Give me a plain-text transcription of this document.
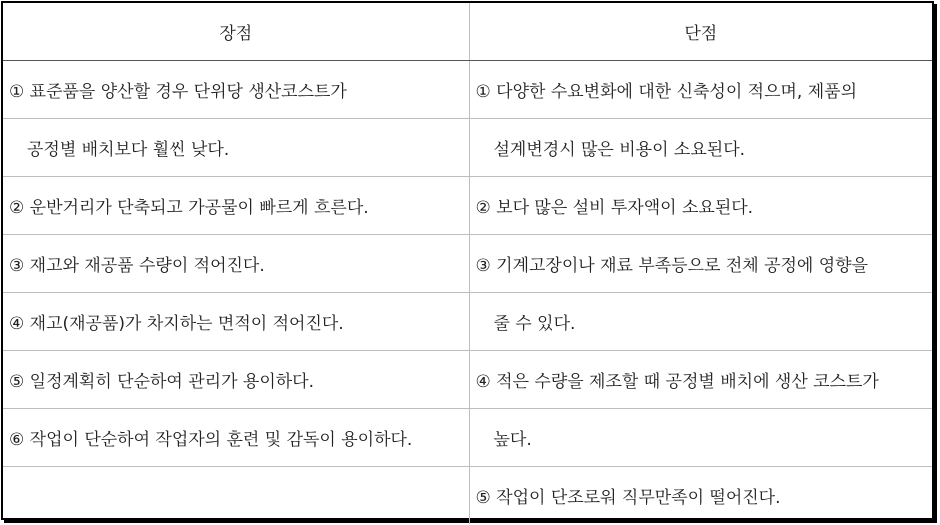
장점	단점
① 표준품을 양산할 경우 단위당 생산코스트가	① 다양한 수요변화에 대한 신축성이 적으며, 제품의
공정별 배치보다 훨씬 낮다.	설계변경시 많은 비용이 소요된다.
② 운반거리가 단축되고 가공물이 빠르게 흐른다.	② 보다 많은 설비 투자액이 소요된다.
③ 재고와 재공품 수량이 적어진다.	③ 기계고장이나 재료 부족등으로 전체 공정에 영향을
④ 재고(재공품)가 차지하는 면적이 적어진다.	줄 수 있다.
⑤ 일정계획히 단순하여 관리가 용이하다.	④ 적은 수량을 제조할 때 공정별 배치에 생산 코스트가
⑥ 작업이 단순하여 작업자의 훈련 및 감독이 용이하다.	높다.
	⑤ 작업이 단조로워 직무만족이 떨어진다.
